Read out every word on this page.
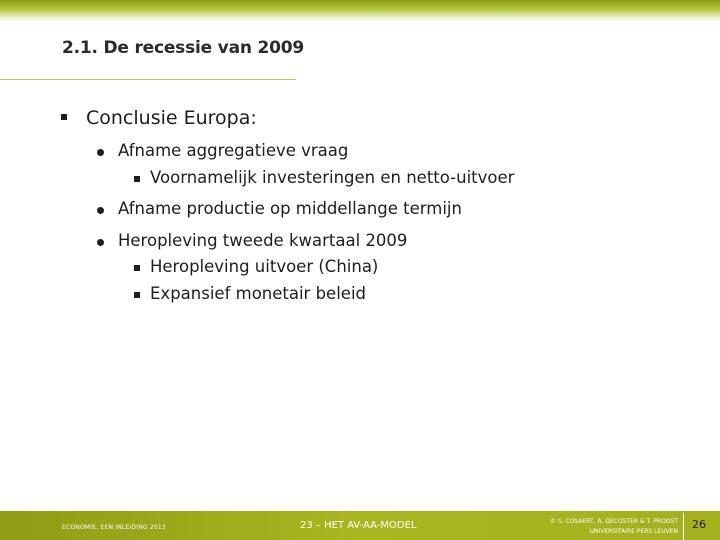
2.1. De recessie van 2009
Conclusie Europa:
Afname aggregatieve vraag
Voornamelijk investeringen en netto-uitvoer
Afname productie op middellange termijn
Heropleving tweede kwartaal 2009
Heropleving uitvoer (China)
Expansief monetair beleid
ECONOMIE, EEN INLEIDING 2013	23 – HET AV-AA-MODEL	© S. COSAERT, A. DECOSTER & T. PROOST
UNIVERSITAIRE PERS LEUVEN
26
